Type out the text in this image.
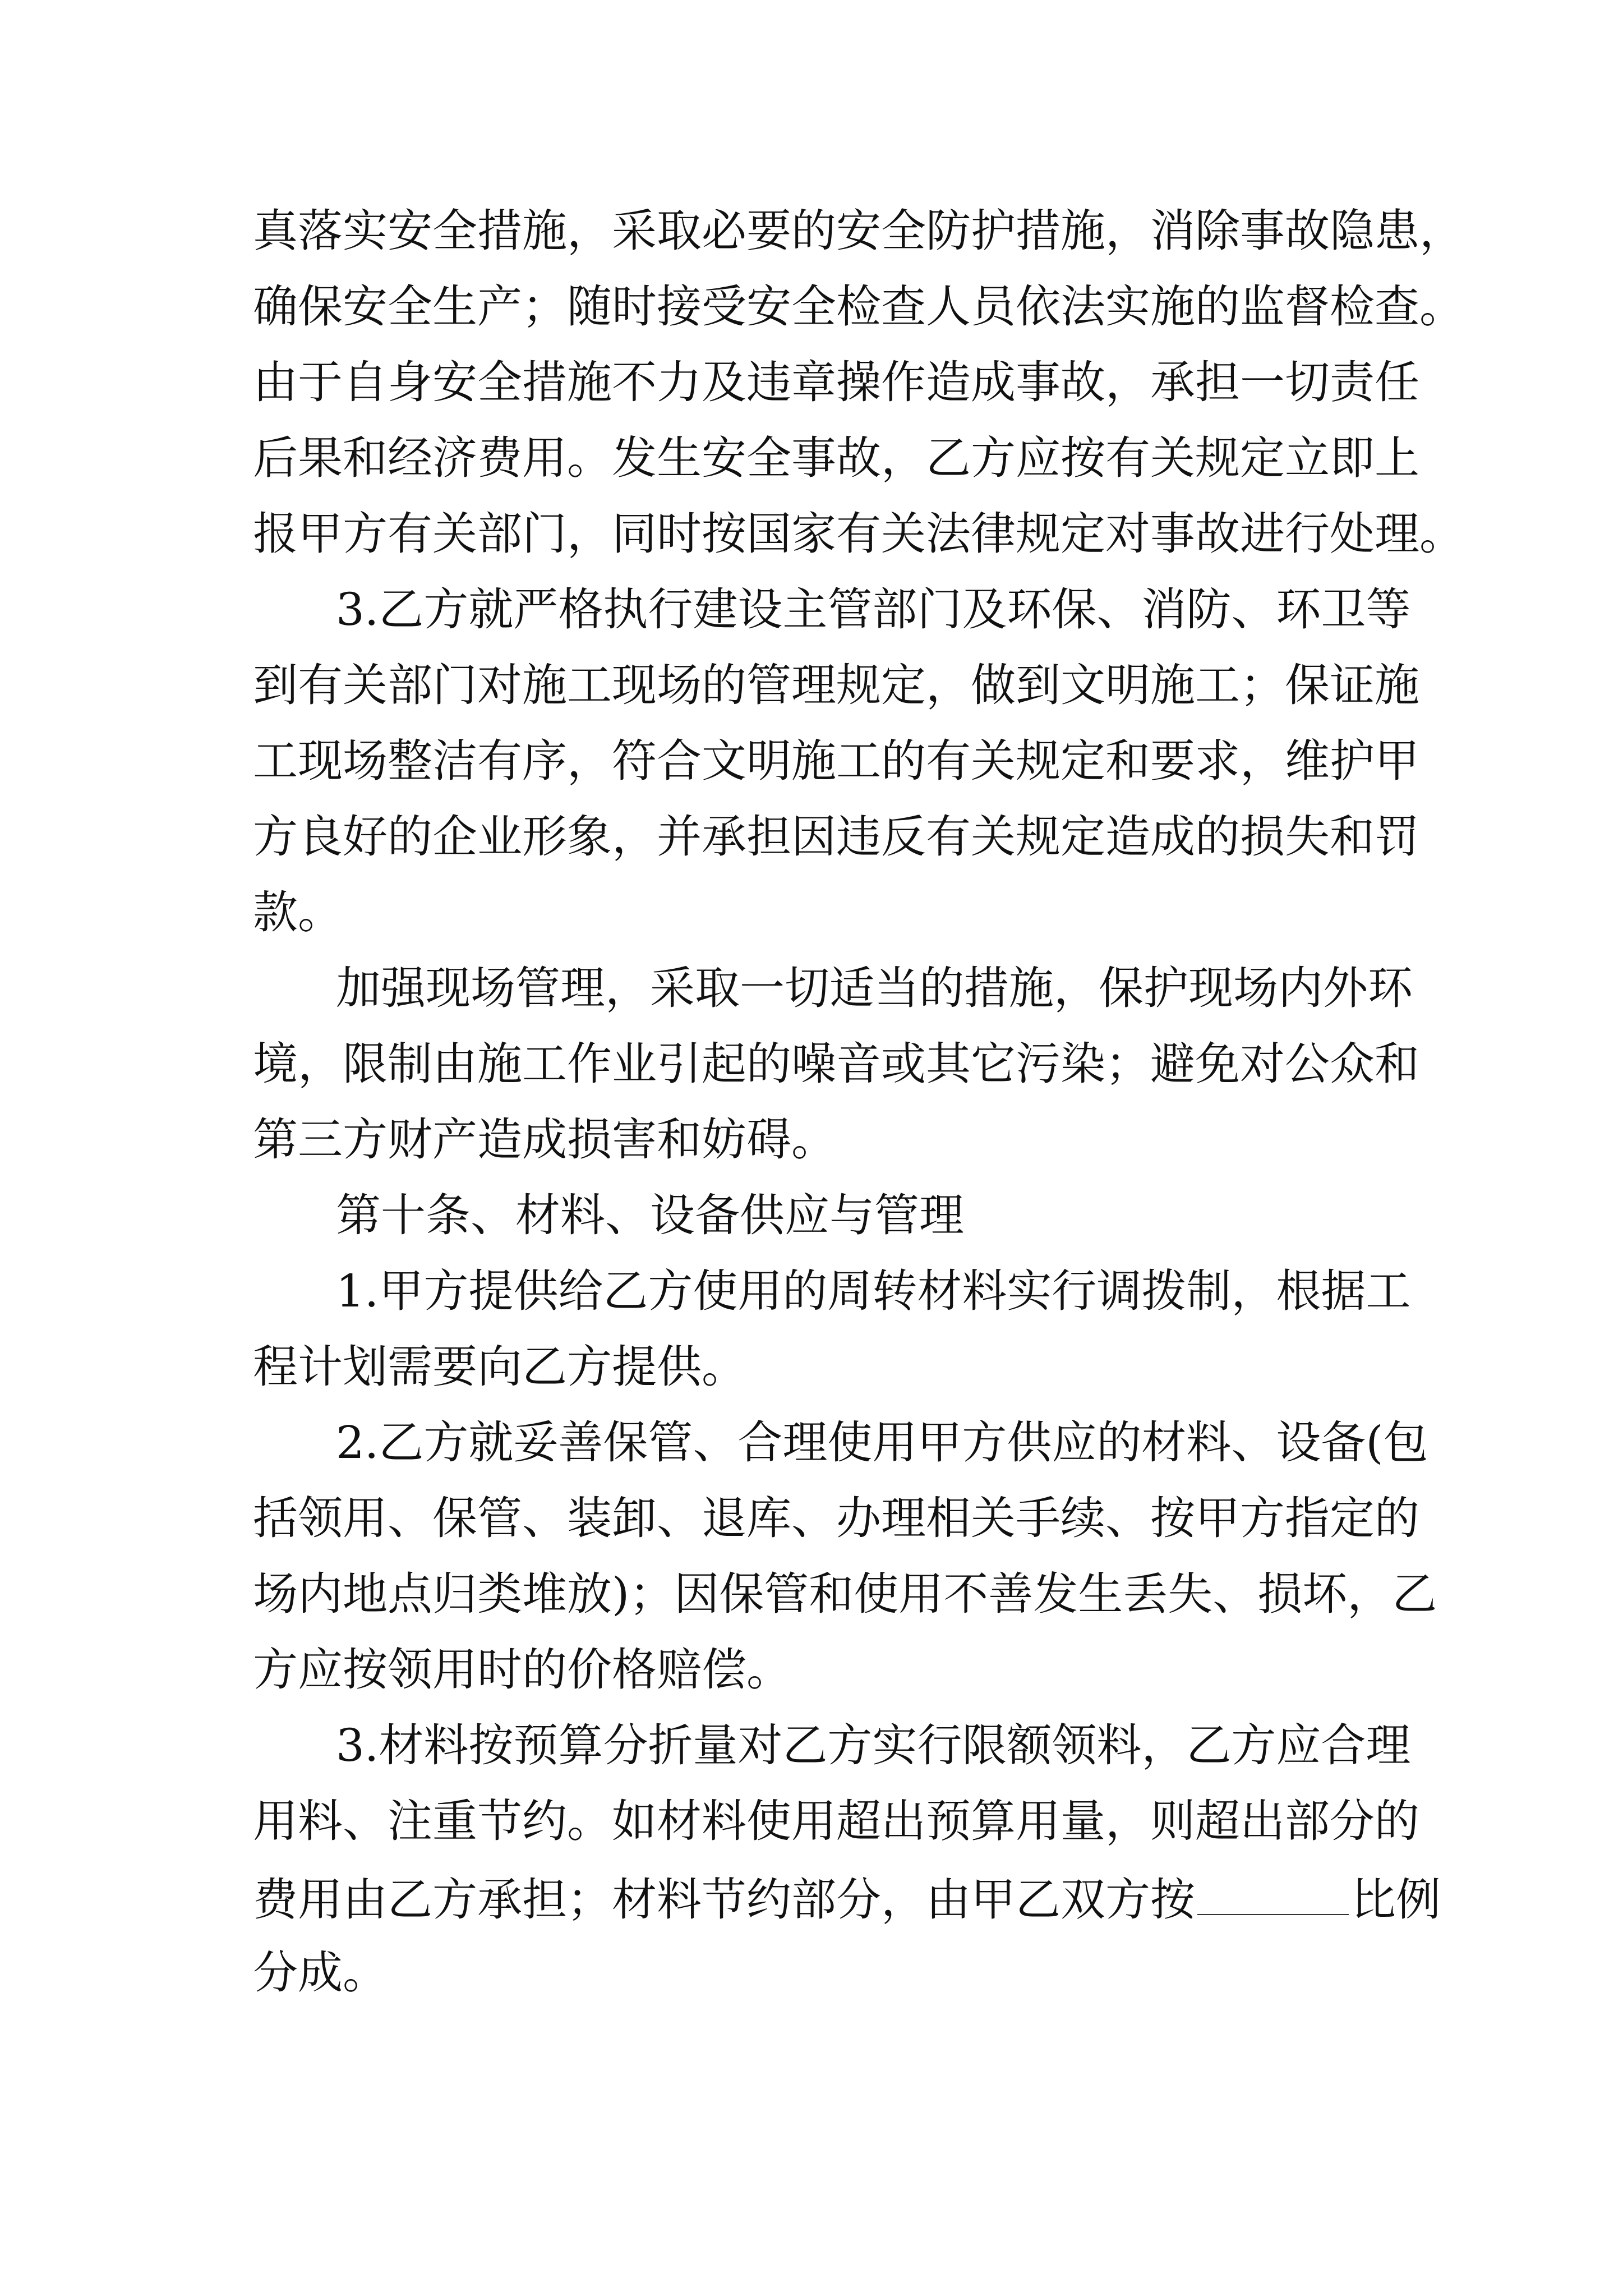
真落实安全措施，采取必要的安全防护措施，消除事故隐患，
确保安全生产；随时接受安全检查人员依法实施的监督检查。
由于自身安全措施不力及违章操作造成事故，承担一切责任
后果和经济费用。发生安全事故，乙方应按有关规定立即上
报甲方有关部门，同时按国家有关法律规定对事故进行处理。
3.乙方就严格执行建设主管部门及环保、消防、环卫等
到有关部门对施工现场的管理规定，做到文明施工；保证施
工现场整洁有序，符合文明施工的有关规定和要求，维护甲
方良好的企业形象，并承担因违反有关规定造成的损失和罚
款。
加强现场管理，采取一切适当的措施，保护现场内外环
境，限制由施工作业引起的噪音或其它污染；避免对公众和
第三方财产造成损害和妨碍。
第十条、材料、设备供应与管理
1.甲方提供给乙方使用的周转材料实行调拨制，根据工
程计划需要向乙方提供。
2.乙方就妥善保管、合理使用甲方供应的材料、设备(包
括领用、保管、装卸、退库、办理相关手续、按甲方指定的
场内地点归类堆放)；因保管和使用不善发生丢失、损坏，乙
方应按领用时的价格赔偿。
3.材料按预算分折量对乙方实行限额领料，乙方应合理
用料、注重节约。如材料使用超出预算用量，则超出部分的
费用由乙方承担；材料节约部分，由甲乙双方按	比例
分成。
